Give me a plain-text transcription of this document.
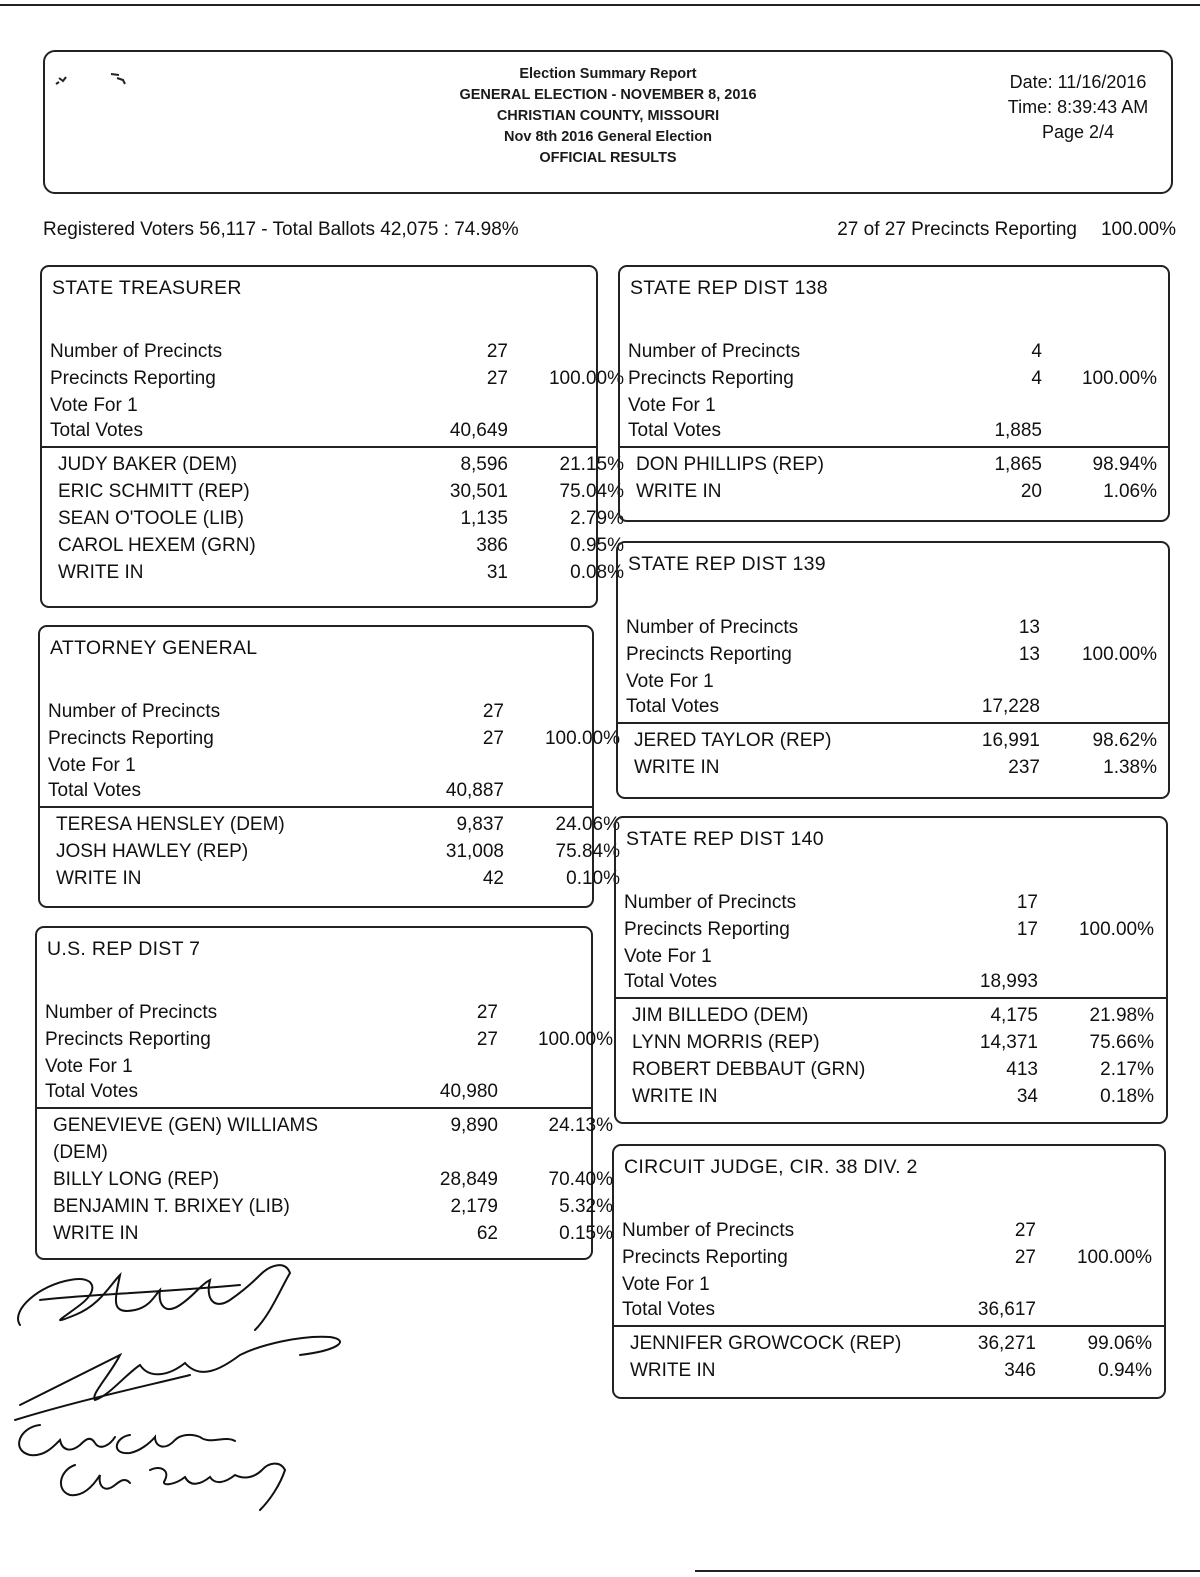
Election Summary Report
GENERAL ELECTION - NOVEMBER 8, 2016
CHRISTIAN COUNTY, MISSOURI
Nov 8th 2016 General Election
OFFICIAL RESULTS
Date: 11/16/2016
Time: 8:39:43 AM
Page 2/4
Registered Voters 56,117 - Total Ballots 42,075 : 74.98%	27 of 27 Precincts Reporting 100.00%
STATE TREASURER
Number of Precincts	27
Precincts Reporting	27	100.00%
Vote For 1
Total Votes	40,649
JUDY BAKER (DEM)	8,596	21.15%
ERIC SCHMITT (REP)	30,501	75.04%
SEAN O'TOOLE (LIB)	1,135	2.79%
CAROL HEXEM (GRN)	386	0.95%
WRITE IN	31	0.08%
ATTORNEY GENERAL
Number of Precincts	27
Precincts Reporting	27	100.00%
Vote For 1
Total Votes	40,887
TERESA HENSLEY (DEM)	9,837	24.06%
JOSH HAWLEY (REP)	31,008	75.84%
WRITE IN	42	0.10%
U.S. REP DIST 7
Number of Precincts	27
Precincts Reporting	27	100.00%
Vote For 1
Total Votes	40,980
GENEVIEVE (GEN) WILLIAMS	9,890	24.13%
(DEM)
BILLY LONG (REP)	28,849	70.40%
BENJAMIN T. BRIXEY (LIB)	2,179	5.32%
WRITE IN	62	0.15%
STATE REP DIST 138
Number of Precincts	4
Precincts Reporting	4	100.00%
Vote For 1
Total Votes	1,885
DON PHILLIPS (REP)	1,865	98.94%
WRITE IN	20	1.06%
STATE REP DIST 139
Number of Precincts	13
Precincts Reporting	13	100.00%
Vote For 1
Total Votes	17,228
JERED TAYLOR (REP)	16,991	98.62%
WRITE IN	237	1.38%
STATE REP DIST 140
Number of Precincts	17
Precincts Reporting	17	100.00%
Vote For 1
Total Votes	18,993
JIM BILLEDO (DEM)	4,175	21.98%
LYNN MORRIS (REP)	14,371	75.66%
ROBERT DEBBAUT (GRN)	413	2.17%
WRITE IN	34	0.18%
CIRCUIT JUDGE, CIR. 38 DIV. 2
Number of Precincts	27
Precincts Reporting	27	100.00%
Vote For 1
Total Votes	36,617
JENNIFER GROWCOCK (REP)	36,271	99.06%
WRITE IN	346	0.94%
